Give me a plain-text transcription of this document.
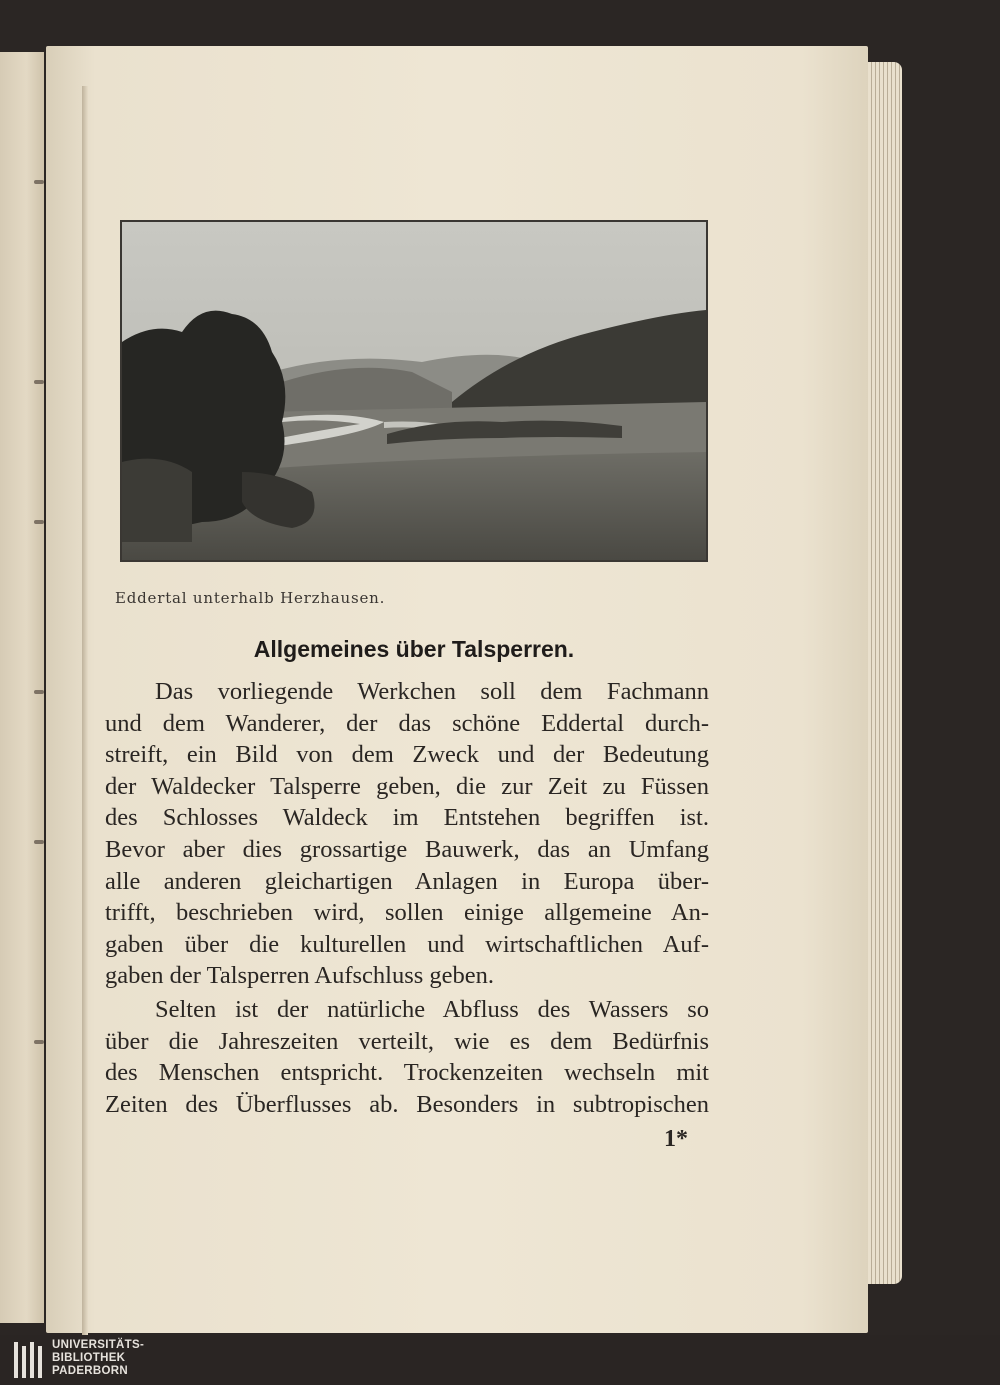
Eddertal unterhalb Herzhausen.
Allgemeines über Talsperren.
Das vorliegende Werkchen soll dem Fachmann
und dem Wanderer, der das schöne Eddertal durch-
streift, ein Bild von dem Zweck und der Bedeutung
der Waldecker Talsperre geben, die zur Zeit zu Füssen
des Schlosses Waldeck im Entstehen begriffen ist.
Bevor aber dies grossartige Bauwerk, das an Umfang
alle anderen gleichartigen Anlagen in Europa über-
trifft, beschrieben wird, sollen einige allgemeine An-
gaben über die kulturellen und wirtschaftlichen Auf-
gaben der Talsperren Aufschluss geben.
Selten ist der natürliche Abfluss des Wassers so
über die Jahreszeiten verteilt, wie es dem Bedürfnis
des Menschen entspricht. Trockenzeiten wechseln mit
Zeiten des Überflusses ab. Besonders in subtropischen
1*
UNIVERSITÄTS-
BIBLIOTHEK
PADERBORN
